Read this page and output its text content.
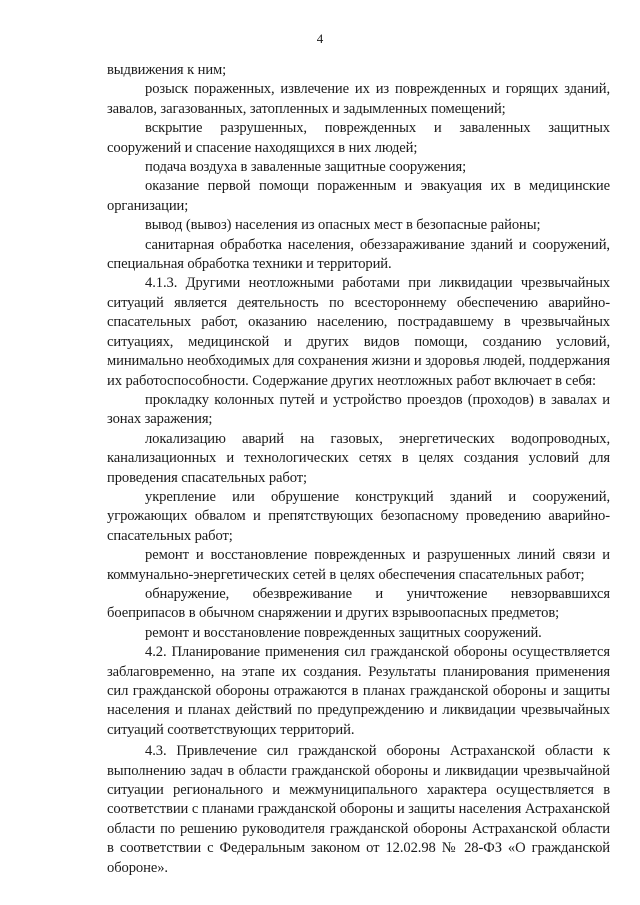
4

выдвижения к ним;

розыск пораженных, извлечение их из поврежденных и горящих зданий, завалов, загазованных, затопленных и задымленных помещений;

вскрытие разрушенных, поврежденных и заваленных защитных сооружений и спасение находящихся в них людей;

подача воздуха в заваленные защитные сооружения;

оказание первой помощи пораженным и эвакуация их в медицинские организации;

вывод (вывоз) населения из опасных мест в безопасные районы;

санитарная обработка населения, обеззараживание зданий и сооружений, специальная обработка техники и территорий.

4.1.3. Другими неотложными работами при ликвидации чрезвычайных ситуаций является деятельность по всестороннему обеспечению аварийно-спасательных работ, оказанию населению, пострадавшему в чрезвычайных ситуациях, медицинской и других видов помощи, созданию условий, минимально необходимых для сохранения жизни и здоровья людей, поддержания их работоспособности. Содержание других неотложных работ включает в себя:

прокладку колонных путей и устройство проездов (проходов) в завалах и зонах заражения;

локализацию аварий на газовых, энергетических водопроводных, канализационных и технологических сетях в целях создания условий для проведения спасательных работ;

укрепление или обрушение конструкций зданий и сооружений, угрожающих обвалом и препятствующих безопасному проведению аварийно-спасательных работ;

ремонт и восстановление поврежденных и разрушенных линий связи и коммунально-энергетических сетей в целях обеспечения спасательных работ;

обнаружение, обезвреживание и уничтожение невзорвавшихся боеприпасов в обычном снаряжении и других взрывоопасных предметов;

ремонт и восстановление поврежденных защитных сооружений.

4.2. Планирование применения сил гражданской обороны осуществляется заблаговременно, на этапе их создания. Результаты планирования применения сил гражданской обороны отражаются в планах гражданской обороны и защиты населения и планах действий по предупреждению и ликвидации чрезвычайных ситуаций соответствующих территорий.

4.3. Привлечение сил гражданской обороны Астраханской области к выполнению задач в области гражданской обороны и ликвидации чрезвычайной ситуации регионального и межмуниципального характера осуществляется в соответствии с планами гражданской обороны и защиты населения Астраханской области по решению руководителя гражданской обороны Астраханской области в соответствии с Федеральным законом от 12.02.98 № 28-ФЗ «О гражданской обороне».
